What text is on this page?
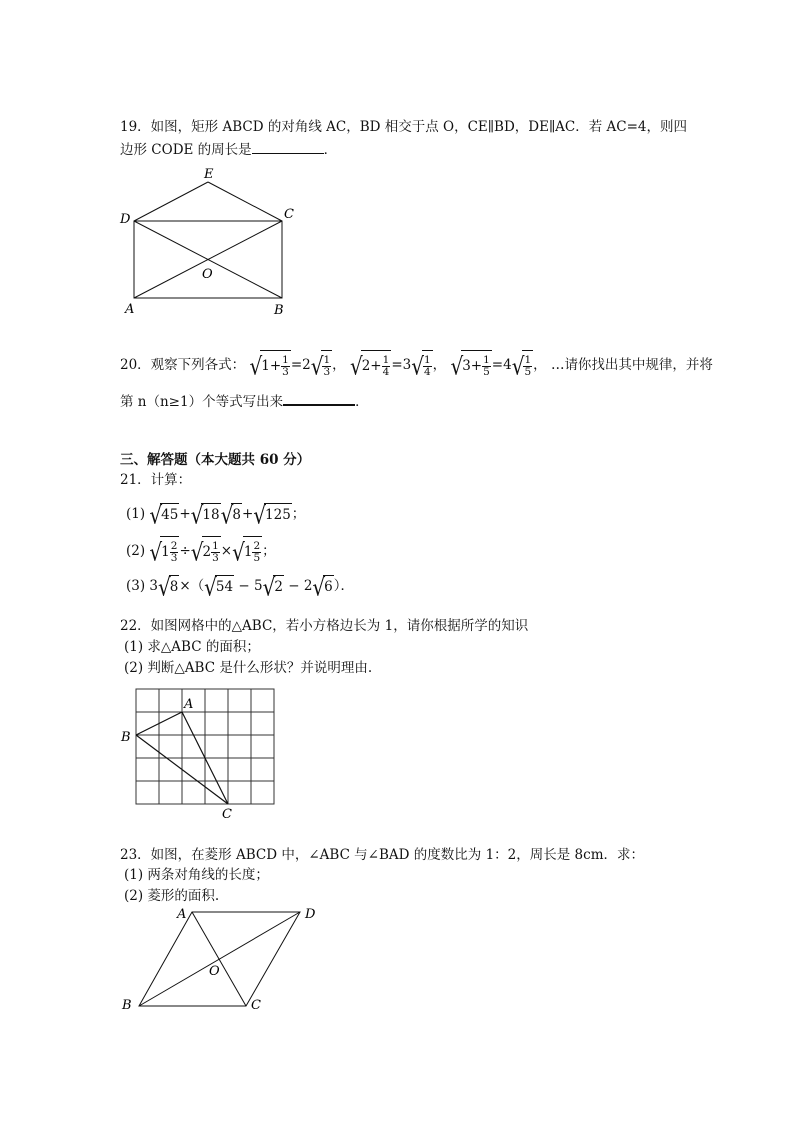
19．如图，矩形 ABCD 的对角线 AC，BD 相交于点 O，CE∥BD，DE∥AC．若 AC=4，则四
边形 CODE 的周长是	．
E
D	C
O
A	B
A
B
C
A	D
O
B	C
20．观察下列各式： $√1+ \frac{1}{3} =2√ \frac{1}{3}$ ， $√2+ \frac{1}{4} =3√ \frac{1}{4}$ ， $√3+ \frac{1}{5} =4√ \frac{1}{5}$ ， …请你找出其中规律，并将
第 n（n≥1）个等式写出来	．
三、解答题（本大题共 60 分）
21．计算：
(1) √45+√18√8+√125；
(2) $√1 \frac{2}{3} \div√2 \frac{1}{3} \times√1 \frac{2}{5}$ ；
(3) 3√8×（√54 − 5√2 − 2√6）．
22．如图网格中的△ABC，若小方格边长为 1，请你根据所学的知识
(1) 求△ABC 的面积；
(2) 判断△ABC 是什么形状？并说明理由.
23．如图，在菱形 ABCD 中，∠ABC 与∠BAD 的度数比为 1：2，周长是 8cm．求：
(1) 两条对角线的长度；
(2) 菱形的面积.
